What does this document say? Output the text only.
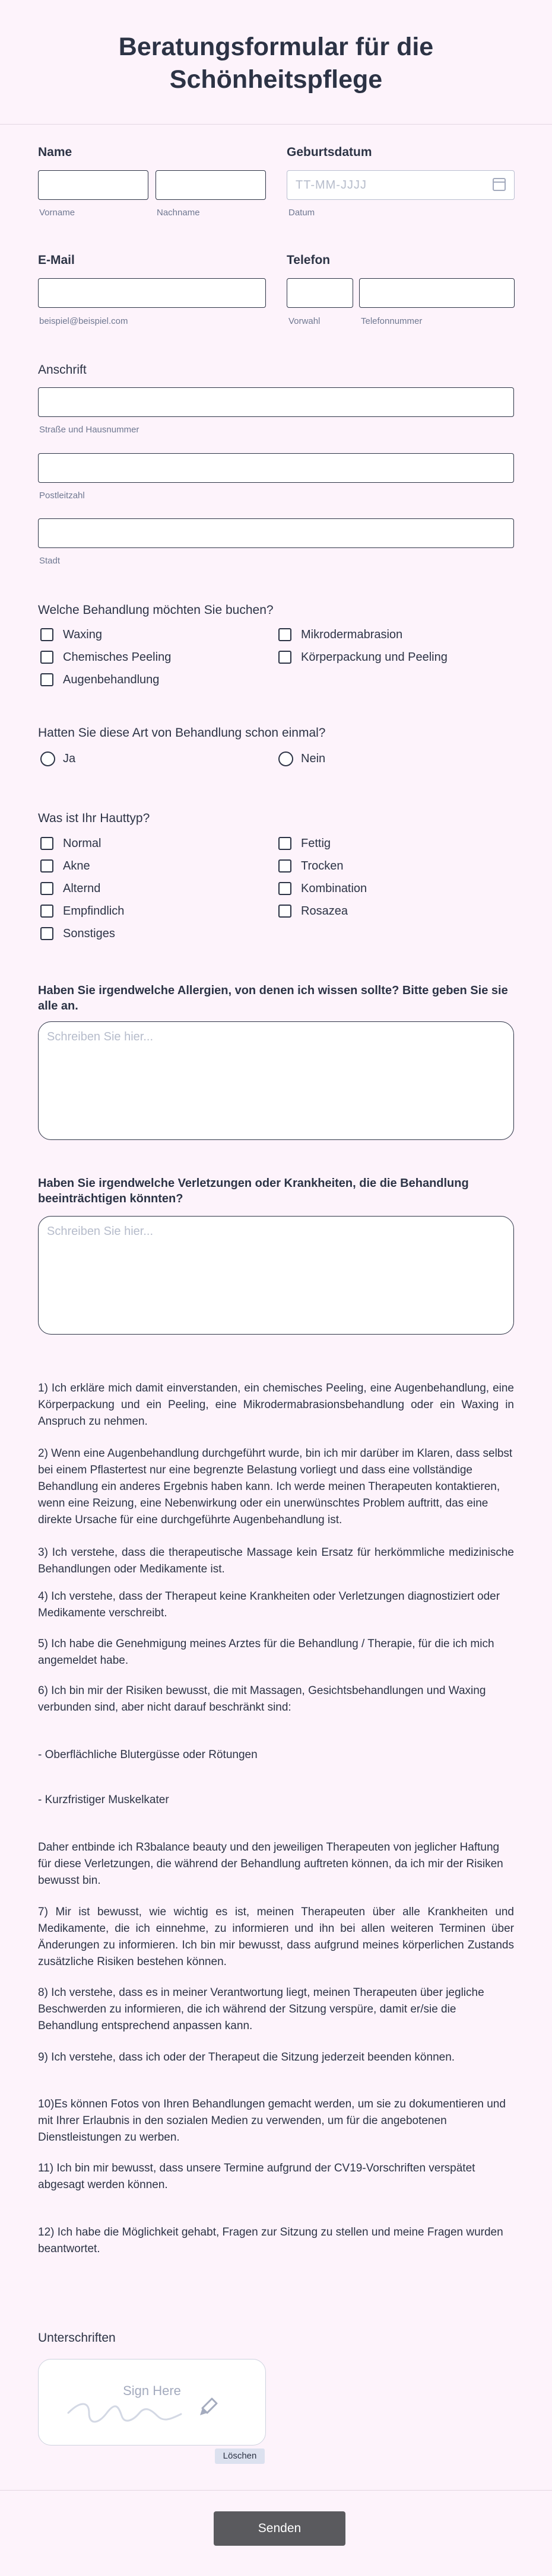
Beratungsformular für die Schönheitspflege
Name
Vorname	Nachname
Geburtsdatum
TT-MM-JJJJ
Datum
E-Mail
beispiel@beispiel.com
Telefon
Vorwahl	Telefonnummer
Anschrift
Straße und Hausnummer
Postleitzahl
Stadt
Welche Behandlung möchten Sie buchen?
Waxing	Mikrodermabrasion
Chemisches Peeling	Körperpackung und Peeling
Augenbehandlung
Hatten Sie diese Art von Behandlung schon einmal?
Ja	Nein
Was ist Ihr Hauttyp?
Normal	Fettig
Akne	Trocken
Alternd	Kombination
Empfindlich	Rosazea
Sonstiges
Haben Sie irgendwelche Allergien, von denen ich wissen sollte? Bitte geben Sie sie alle an.
Schreiben Sie hier...
Haben Sie irgendwelche Verletzungen oder Krankheiten, die die Behandlung beeinträchtigen könnten?
Schreiben Sie hier...
1) Ich erkläre mich damit einverstanden, ein chemisches Peeling, eine Augenbehandlung, eine Körperpackung und ein Peeling, eine Mikrodermabrasionsbehandlung oder ein Waxing in Anspruch zu nehmen.
2) Wenn eine Augenbehandlung durchgeführt wurde, bin ich mir darüber im Klaren, dass selbst bei einem Pflastertest nur eine begrenzte Belastung vorliegt und dass eine vollständige Behandlung ein anderes Ergebnis haben kann. Ich werde meinen Therapeuten kontaktieren, wenn eine Reizung, eine Nebenwirkung oder ein unerwünschtes Problem auftritt, das eine direkte Ursache für eine durchgeführte Augenbehandlung ist.
3) Ich verstehe, dass die therapeutische Massage kein Ersatz für herkömmliche medizinische Behandlungen oder Medikamente ist.
4) Ich verstehe, dass der Therapeut keine Krankheiten oder Verletzungen diagnostiziert oder Medikamente verschreibt.
5) Ich habe die Genehmigung meines Arztes für die Behandlung / Therapie, für die ich mich angemeldet habe.
6) Ich bin mir der Risiken bewusst, die mit Massagen, Gesichtsbehandlungen und Waxing verbunden sind, aber nicht darauf beschränkt sind:
- Oberflächliche Blutergüsse oder Rötungen
- Kurzfristiger Muskelkater
Daher entbinde ich R3balance beauty und den jeweiligen Therapeuten von jeglicher Haftung für diese Verletzungen, die während der Behandlung auftreten können, da ich mir der Risiken bewusst bin.
7) Mir ist bewusst, wie wichtig es ist, meinen Therapeuten über alle Krankheiten und Medikamente, die ich einnehme, zu informieren und ihn bei allen weiteren Terminen über Änderungen zu informieren. Ich bin mir bewusst, dass aufgrund meines körperlichen Zustands zusätzliche Risiken bestehen können.
8) Ich verstehe, dass es in meiner Verantwortung liegt, meinen Therapeuten über jegliche Beschwerden zu informieren, die ich während der Sitzung verspüre, damit er/sie die Behandlung entsprechend anpassen kann.
9) Ich verstehe, dass ich oder der Therapeut die Sitzung jederzeit beenden können.
10)Es können Fotos von Ihren Behandlungen gemacht werden, um sie zu dokumentieren und mit Ihrer Erlaubnis in den sozialen Medien zu verwenden, um für die angebotenen Dienstleistungen zu werben.
11) Ich bin mir bewusst, dass unsere Termine aufgrund der CV19-Vorschriften verspätet abgesagt werden können.
12) Ich habe die Möglichkeit gehabt, Fragen zur Sitzung zu stellen und meine Fragen wurden beantwortet.
Unterschriften
Sign Here
Löschen
Senden
